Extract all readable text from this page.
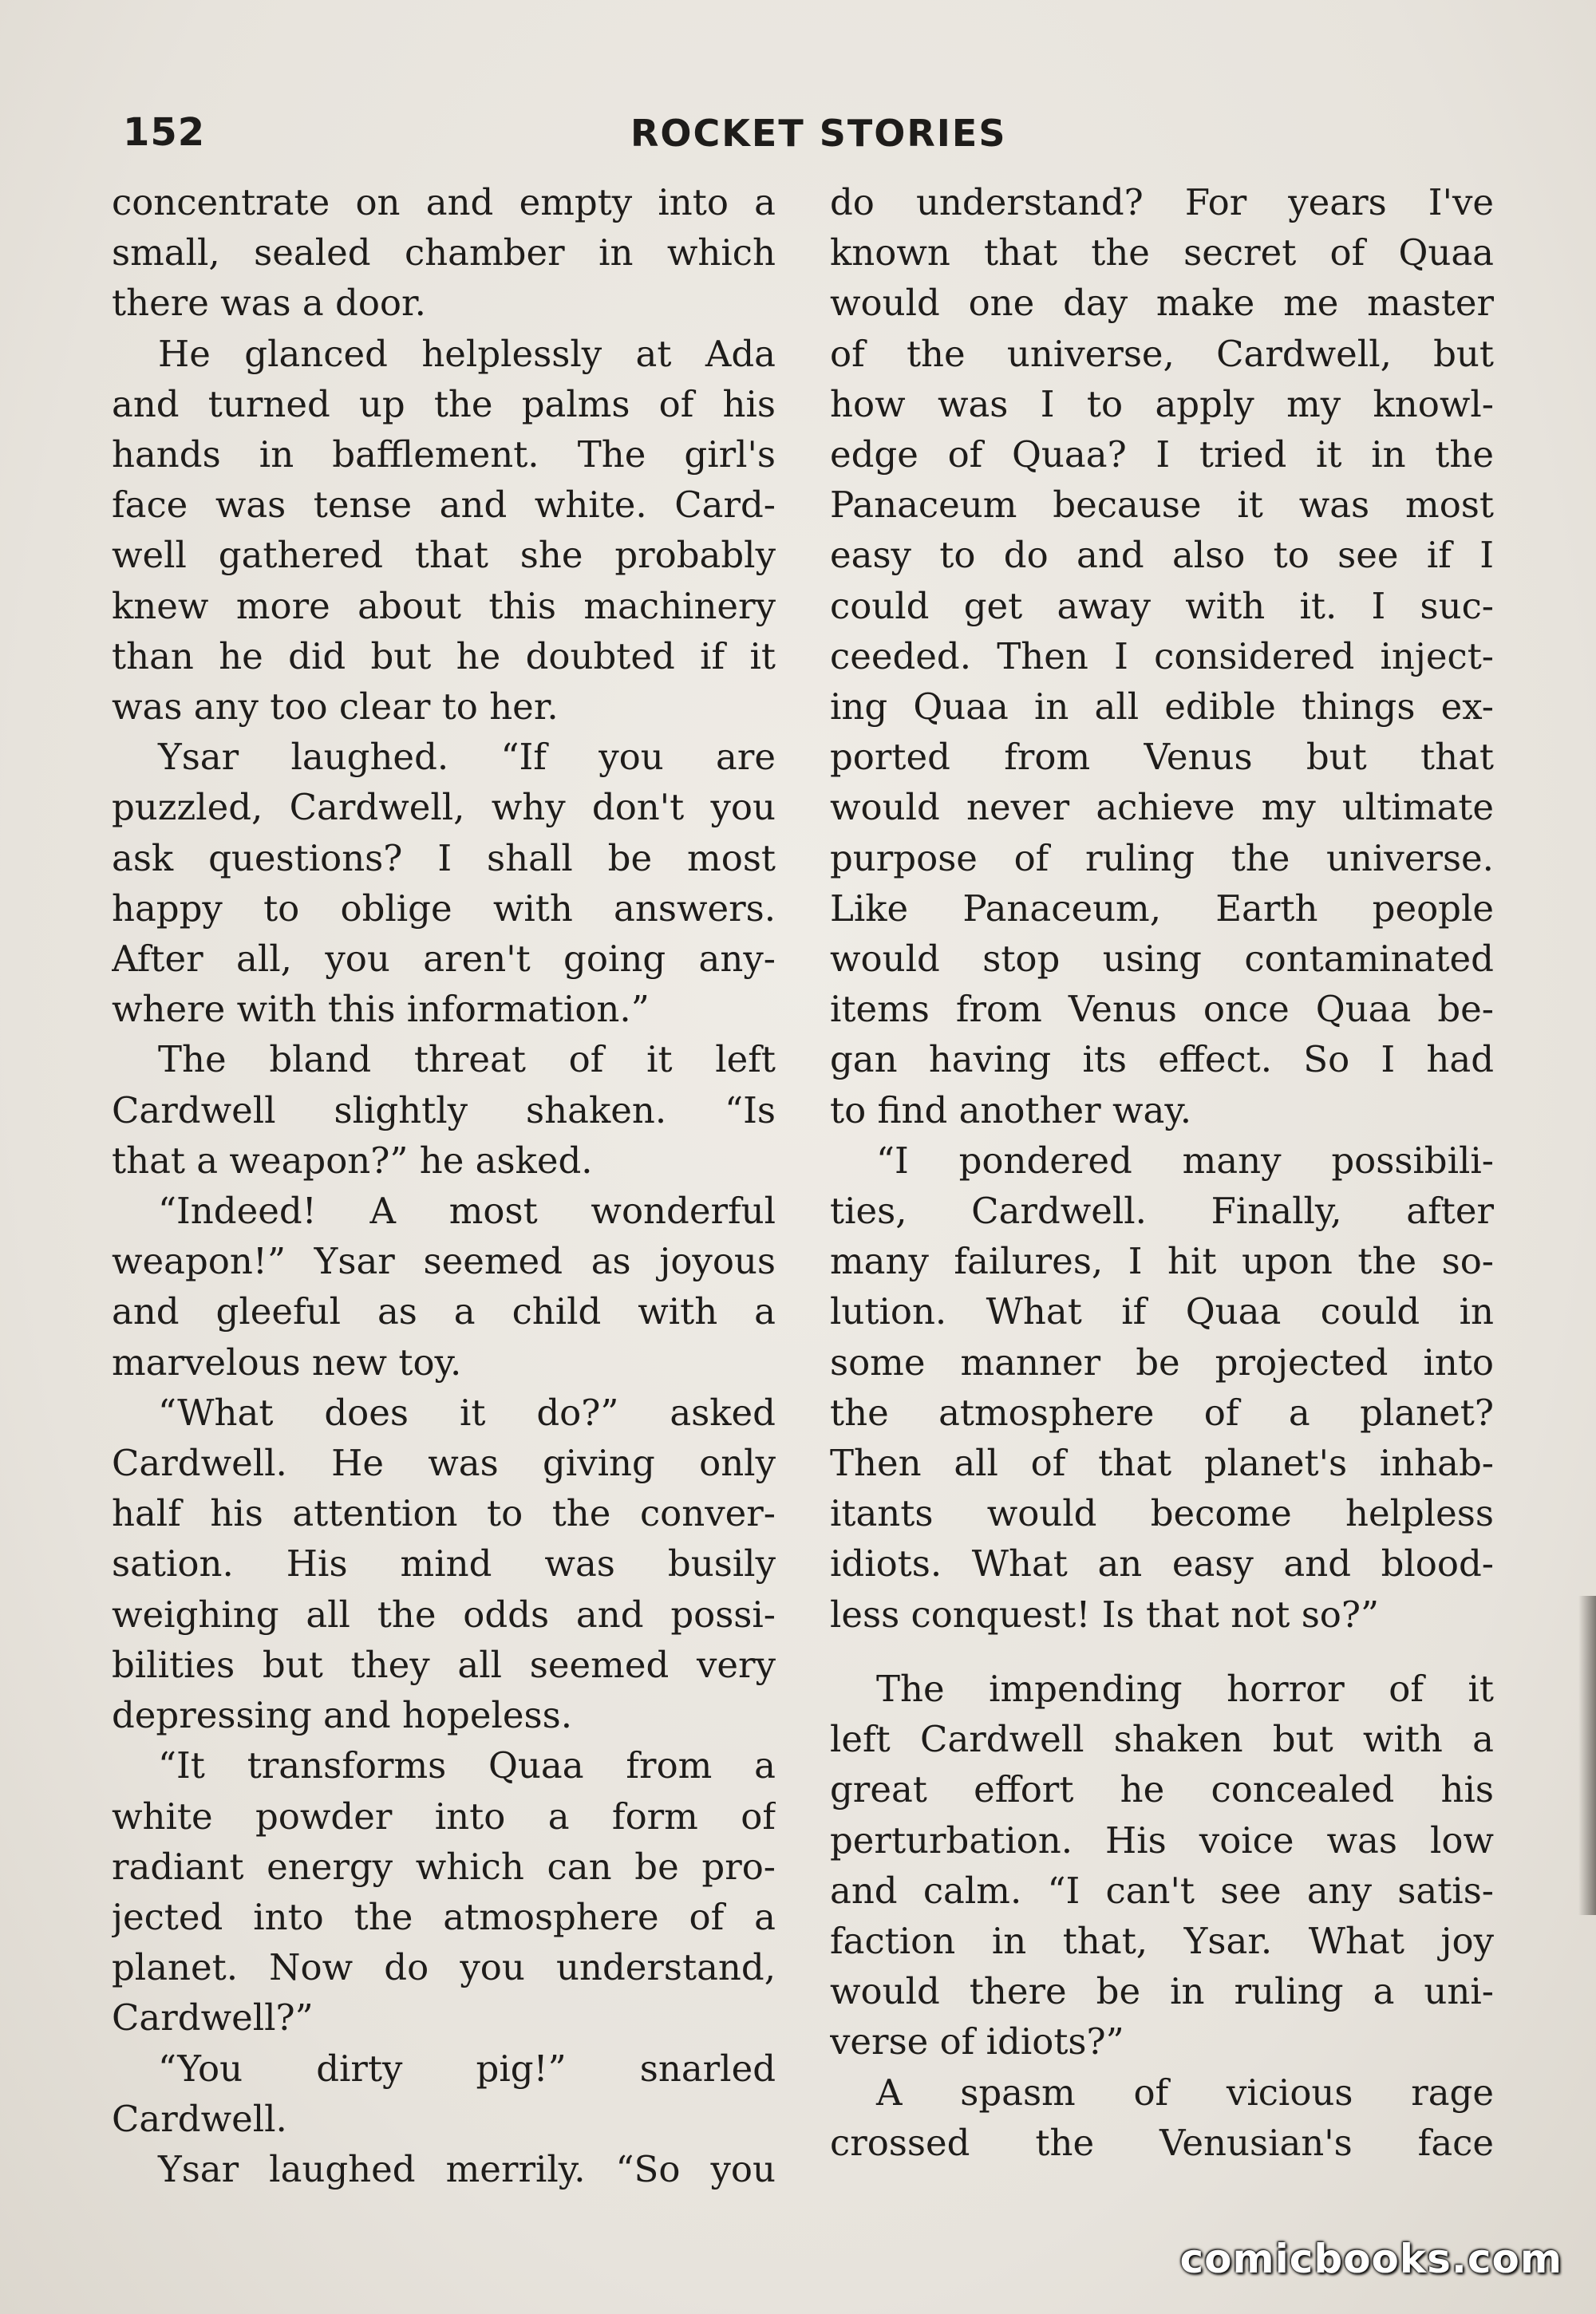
152	ROCKET STORIES
concentrate on and empty into a
small, sealed chamber in which
there was a door.
He glanced helplessly at Ada
and turned up the palms of his
hands in bafflement. The girl's
face was tense and white. Card-
well gathered that she probably
knew more about this machinery
than he did but he doubted if it
was any too clear to her.
Ysar laughed. “If you are
puzzled, Cardwell, why don't you
ask questions? I shall be most
happy to oblige with answers.
After all, you aren't going any-
where with this information.”
The bland threat of it left
Cardwell slightly shaken. “Is
that a weapon?” he asked.
“Indeed! A most wonderful
weapon!” Ysar seemed as joyous
and gleeful as a child with a
marvelous new toy.
“What does it do?” asked
Cardwell. He was giving only
half his attention to the conver-
sation. His mind was busily
weighing all the odds and possi-
bilities but they all seemed very
depressing and hopeless.
“It transforms Quaa from a
white powder into a form of
radiant energy which can be pro-
jected into the atmosphere of a
planet. Now do you understand,
Cardwell?”
“You dirty pig!” snarled
Cardwell.
Ysar laughed merrily. “So you
do understand? For years I've
known that the secret of Quaa
would one day make me master
of the universe, Cardwell, but
how was I to apply my knowl-
edge of Quaa? I tried it in the
Panaceum because it was most
easy to do and also to see if I
could get away with it. I suc-
ceeded. Then I considered inject-
ing Quaa in all edible things ex-
ported from Venus but that
would never achieve my ultimate
purpose of ruling the universe.
Like Panaceum, Earth people
would stop using contaminated
items from Venus once Quaa be-
gan having its effect. So I had
to find another way.
“I pondered many possibili-
ties, Cardwell. Finally, after
many failures, I hit upon the so-
lution. What if Quaa could in
some manner be projected into
the atmosphere of a planet?
Then all of that planet's inhab-
itants would become helpless
idiots. What an easy and blood-
less conquest! Is that not so?”
The impending horror of it
left Cardwell shaken but with a
great effort he concealed his
perturbation. His voice was low
and calm. “I can't see any satis-
faction in that, Ysar. What joy
would there be in ruling a uni-
verse of idiots?”
A spasm of vicious rage
crossed the Venusian's face
comicbooks.com
